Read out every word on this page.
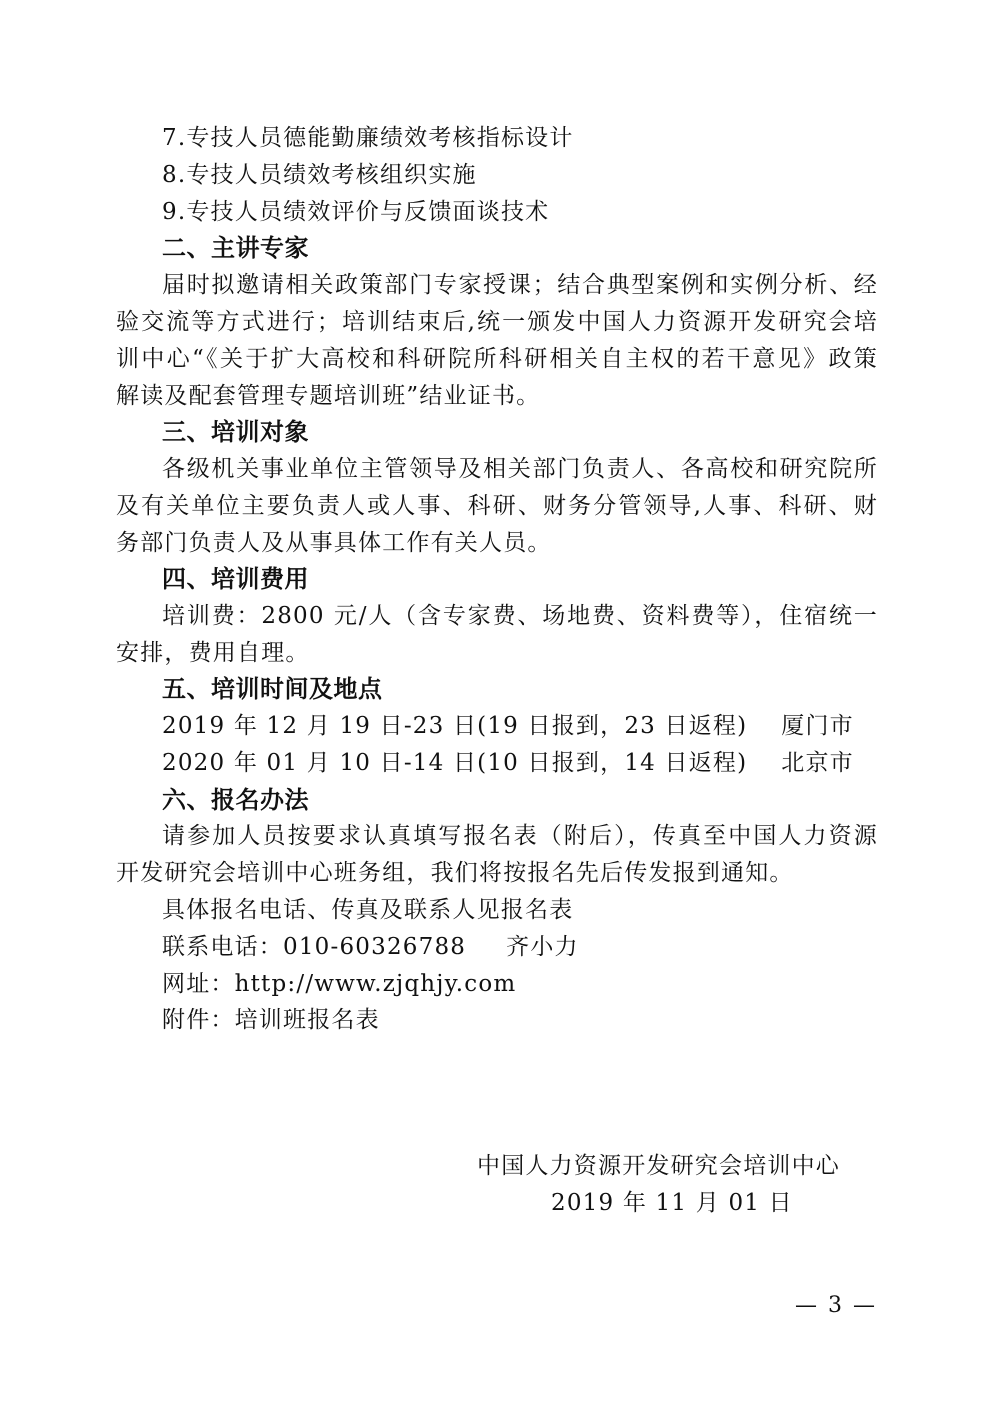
7.专技人员德能勤廉绩效考核指标设计
8.专技人员绩效考核组织实施
9.专技人员绩效评价与反馈面谈技术
二、主讲专家
届时拟邀请相关政策部门专家授课；结合典型案例和实例分析、经
验交流等方式进行；培训结束后,统一颁发中国人力资源开发研究会培
训中心“《关于扩大高校和科研院所科研相关自主权的若干意见》政策
解读及配套管理专题培训班”结业证书。
三、培训对象
各级机关事业单位主管领导及相关部门负责人、各高校和研究院所
及有关单位主要负责人或人事、科研、财务分管领导,人事、科研、财
务部门负责人及从事具体工作有关人员。
四、培训费用
培训费：2800 元/人（含专家费、场地费、资料费等），住宿统一
安排，费用自理。
五、培训时间及地点
2019 年 12 月 19 日-23 日(19 日报到，23 日返程) 厦门市
2020 年 01 月 10 日-14 日(10 日报到，14 日返程) 北京市
六、报名办法
请参加人员按要求认真填写报名表（附后），传真至中国人力资源
开发研究会培训中心班务组，我们将按报名先后传发报到通知。
具体报名电话、传真及联系人见报名表
联系电话：010-60326788 齐小力
网址：http://www.zjqhjy.com
附件：培训班报名表
中国人力资源开发研究会培训中心
2019 年 11 月 01 日
— 3 —
